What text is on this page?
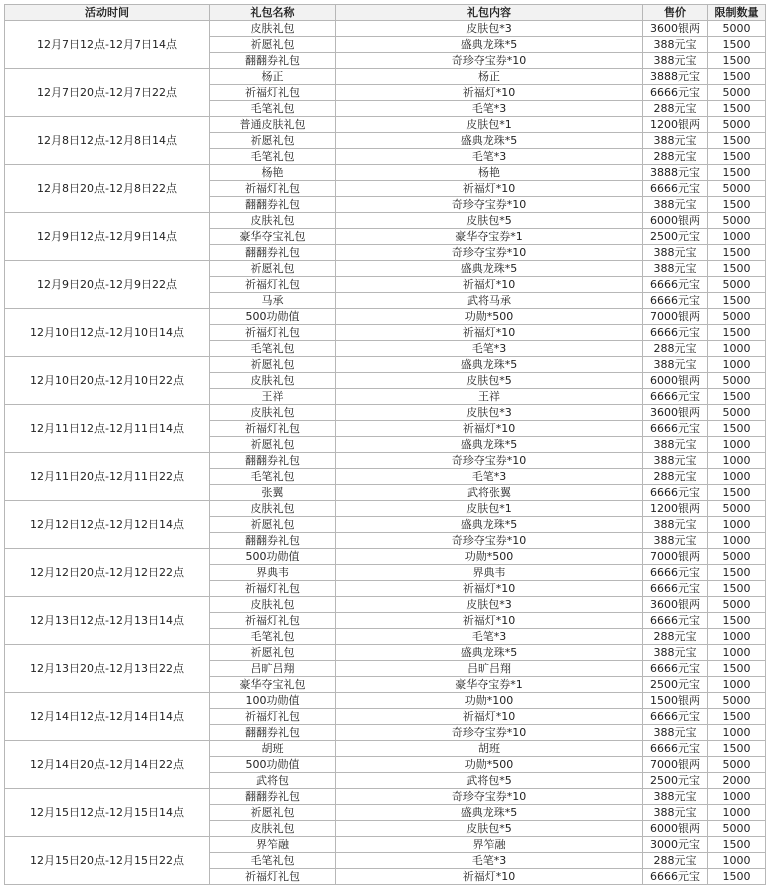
活动时间	礼包名称	礼包内容	售价	限制数量
12月7日12点-12月7日14点	皮肤礼包	皮肤包*3	3600银两	5000
	祈愿礼包	盛典龙珠*5	388元宝	1500
	翻翻券礼包	奇珍夺宝券*10	388元宝	1500
12月7日20点-12月7日22点	杨正	杨正	3888元宝	1500
	祈福灯礼包	祈福灯*10	6666元宝	5000
	毛笔礼包	毛笔*3	288元宝	1500
12月8日12点-12月8日14点	普通皮肤礼包	皮肤包*1	1200银两	5000
	祈愿礼包	盛典龙珠*5	388元宝	1500
	毛笔礼包	毛笔*3	288元宝	1500
12月8日20点-12月8日22点	杨艳	杨艳	3888元宝	1500
	祈福灯礼包	祈福灯*10	6666元宝	5000
	翻翻券礼包	奇珍夺宝券*10	388元宝	1500
12月9日12点-12月9日14点	皮肤礼包	皮肤包*5	6000银两	5000
	豪华夺宝礼包	豪华夺宝券*1	2500元宝	1000
	翻翻券礼包	奇珍夺宝券*10	388元宝	1500
12月9日20点-12月9日22点	祈愿礼包	盛典龙珠*5	388元宝	1500
	祈福灯礼包	祈福灯*10	6666元宝	5000
	马承	武将马承	6666元宝	1500
12月10日12点-12月10日14点	500功勋值	功勋*500	7000银两	5000
	祈福灯礼包	祈福灯*10	6666元宝	1500
	毛笔礼包	毛笔*3	288元宝	1000
12月10日20点-12月10日22点	祈愿礼包	盛典龙珠*5	388元宝	1000
	皮肤礼包	皮肤包*5	6000银两	5000
	王祥	王祥	6666元宝	1500
12月11日12点-12月11日14点	皮肤礼包	皮肤包*3	3600银两	5000
	祈福灯礼包	祈福灯*10	6666元宝	1500
	祈愿礼包	盛典龙珠*5	388元宝	1000
12月11日20点-12月11日22点	翻翻券礼包	奇珍夺宝券*10	388元宝	1000
	毛笔礼包	毛笔*3	288元宝	1000
	张翼	武将张翼	6666元宝	1500
12月12日12点-12月12日14点	皮肤礼包	皮肤包*1	1200银两	5000
	祈愿礼包	盛典龙珠*5	388元宝	1000
	翻翻券礼包	奇珍夺宝券*10	388元宝	1000
12月12日20点-12月12日22点	500功勋值	功勋*500	7000银两	5000
	界典韦	界典韦	6666元宝	1500
	祈福灯礼包	祈福灯*10	6666元宝	1500
12月13日12点-12月13日14点	皮肤礼包	皮肤包*3	3600银两	5000
	祈福灯礼包	祈福灯*10	6666元宝	1500
	毛笔礼包	毛笔*3	288元宝	1000
12月13日20点-12月13日22点	祈愿礼包	盛典龙珠*5	388元宝	1000
	吕旷吕翔	吕旷吕翔	6666元宝	1500
	豪华夺宝礼包	豪华夺宝券*1	2500元宝	1000
12月14日12点-12月14日14点	100功勋值	功勋*100	1500银两	5000
	祈福灯礼包	祈福灯*10	6666元宝	1500
	翻翻券礼包	奇珍夺宝券*10	388元宝	1000
12月14日20点-12月14日22点	胡班	胡班	6666元宝	1500
	500功勋值	功勋*500	7000银两	5000
	武将包	武将包*5	2500元宝	2000
12月15日12点-12月15日14点	翻翻券礼包	奇珍夺宝券*10	388元宝	1000
	祈愿礼包	盛典龙珠*5	388元宝	1000
	皮肤礼包	皮肤包*5	6000银两	5000
12月15日20点-12月15日22点	界笮融	界笮融	3000元宝	1500
	毛笔礼包	毛笔*3	288元宝	1000
	祈福灯礼包	祈福灯*10	6666元宝	1500
